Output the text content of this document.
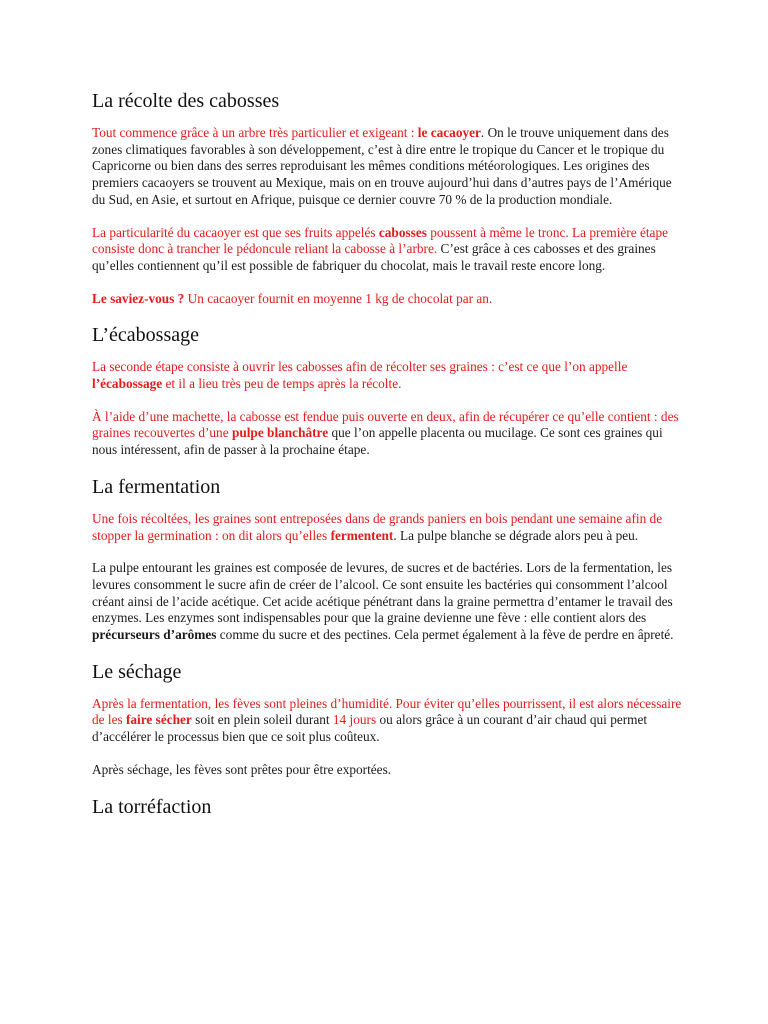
La récolte des cabosses

Tout commence grâce à un arbre très particulier et exigeant : le cacaoyer. On le trouve uniquement dans des zones climatiques favorables à son développement, c’est à dire entre le tropique du Cancer et le tropique du Capricorne ou bien dans des serres reproduisant les mêmes conditions météorologiques. Les origines des premiers cacaoyers se trouvent au Mexique, mais on en trouve aujourd’hui dans d’autres pays de l’Amérique du Sud, en Asie, et surtout en Afrique, puisque ce dernier couvre 70 % de la production mondiale.

La particularité du cacaoyer est que ses fruits appelés cabosses poussent à même le tronc. La première étape consiste donc à trancher le pédoncule reliant la cabosse à l’arbre. C’est grâce à ces cabosses et des graines qu’elles contiennent qu’il est possible de fabriquer du chocolat, mais le travail reste encore long.

Le saviez-vous ? Un cacaoyer fournit en moyenne 1 kg de chocolat par an.

L’écabossage

La seconde étape consiste à ouvrir les cabosses afin de récolter ses graines : c’est ce que l’on appelle l’écabossage et il a lieu très peu de temps après la récolte.

À l’aide d’une machette, la cabosse est fendue puis ouverte en deux, afin de récupérer ce qu’elle contient : des graines recouvertes d’une pulpe blanchâtre que l’on appelle placenta ou mucilage. Ce sont ces graines qui nous intéressent, afin de passer à la prochaine étape.

La fermentation

Une fois récoltées, les graines sont entreposées dans de grands paniers en bois pendant une semaine afin de stopper la germination : on dit alors qu’elles fermentent. La pulpe blanche se dégrade alors peu à peu.

La pulpe entourant les graines est composée de levures, de sucres et de bactéries. Lors de la fermentation, les levures consomment le sucre afin de créer de l’alcool. Ce sont ensuite les bactéries qui consomment l’alcool créant ainsi de l’acide acétique. Cet acide acétique pénétrant dans la graine permettra d’entamer le travail des enzymes. Les enzymes sont indispensables pour que la graine devienne une fève : elle contient alors des précurseurs d’arômes comme du sucre et des pectines. Cela permet également à la fève de perdre en âpreté.

Le séchage

Après la fermentation, les fèves sont pleines d’humidité. Pour éviter qu’elles pourrissent, il est alors nécessaire de les faire sécher soit en plein soleil durant 14 jours ou alors grâce à un courant d’air chaud qui permet d’accélérer le processus bien que ce soit plus coûteux.

Après séchage, les fèves sont prêtes pour être exportées.

La torréfaction
